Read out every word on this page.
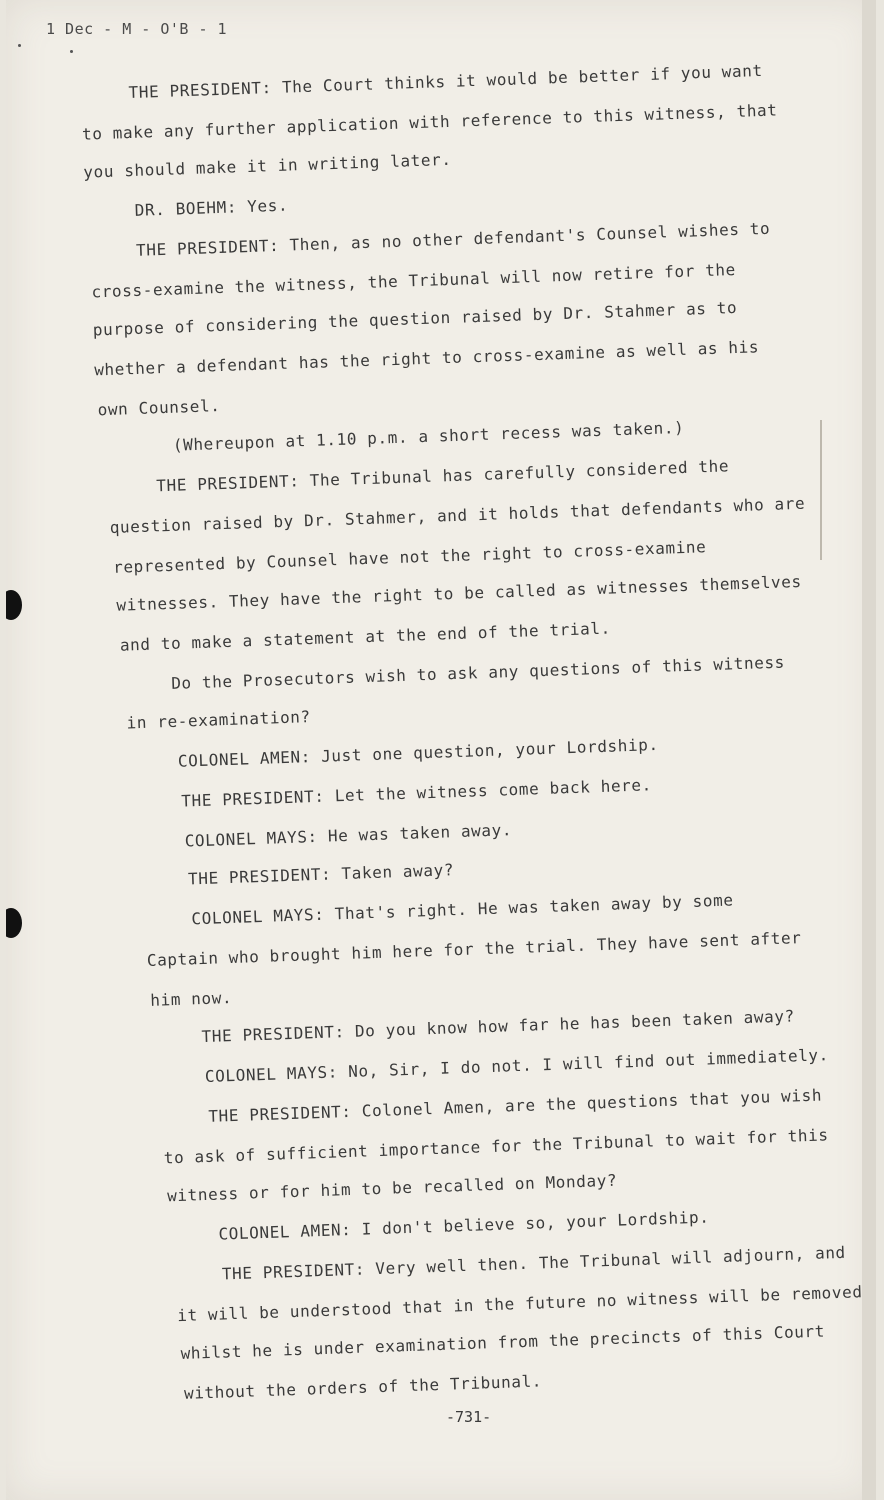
1 Dec - M - O'B - 1
THE PRESIDENT: The Court thinks it would be better if you want
to make any further application with reference to this witness, that
you should make it in writing later.
DR. BOEHM: Yes.
THE PRESIDENT: Then, as no other defendant's Counsel wishes to
cross-examine the witness, the Tribunal will now retire for the
purpose of considering the question raised by Dr. Stahmer as to
whether a defendant has the right to cross-examine as well as his
own Counsel.
(Whereupon at 1.10 p.m. a short recess was taken.)
THE PRESIDENT: The Tribunal has carefully considered the
question raised by Dr. Stahmer, and it holds that defendants who are
represented by Counsel have not the right to cross-examine
witnesses. They have the right to be called as witnesses themselves
and to make a statement at the end of the trial.
Do the Prosecutors wish to ask any questions of this witness
in re-examination?
COLONEL AMEN: Just one question, your Lordship.
THE PRESIDENT: Let the witness come back here.
COLONEL MAYS: He was taken away.
THE PRESIDENT: Taken away?
COLONEL MAYS: That's right. He was taken away by some
Captain who brought him here for the trial. They have sent after
him now.
THE PRESIDENT: Do you know how far he has been taken away?
COLONEL MAYS: No, Sir, I do not. I will find out immediately.
THE PRESIDENT: Colonel Amen, are the questions that you wish
to ask of sufficient importance for the Tribunal to wait for this
witness or for him to be recalled on Monday?
COLONEL AMEN: I don't believe so, your Lordship.
THE PRESIDENT: Very well then. The Tribunal will adjourn, and
it will be understood that in the future no witness will be removed
whilst he is under examination from the precincts of this Court
without the orders of the Tribunal.
-731-
